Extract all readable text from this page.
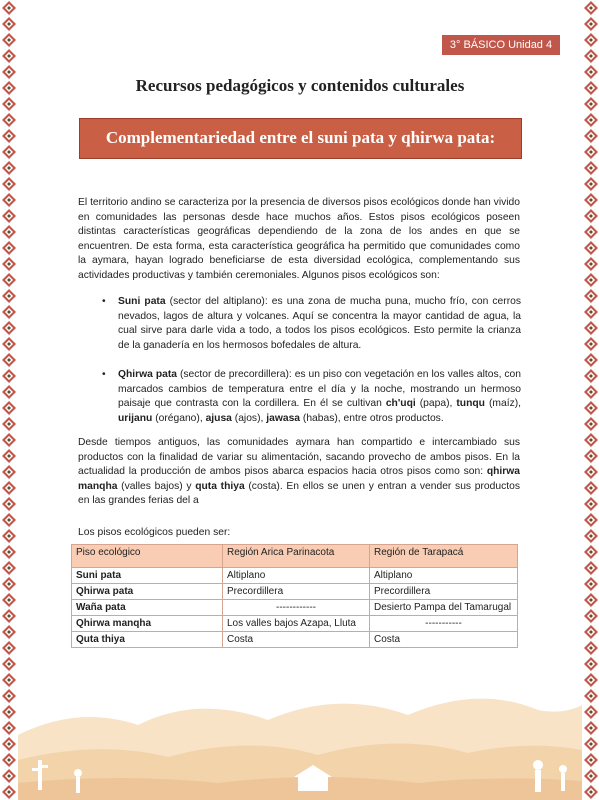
3° BÁSICO Unidad 4
Recursos pedagógicos y contenidos culturales
Complementariedad entre el suni pata y qhirwa pata:
El territorio andino se caracteriza por la presencia de diversos pisos ecológicos donde han vivido en comunidades las personas desde hace muchos años. Estos pisos ecológicos poseen distintas características geográficas dependiendo de la zona de los andes en que se encuentren. De esta forma, esta característica geográfica ha permitido que comunidades como la aymara, hayan logrado beneficiarse de esta diversidad ecológica, complementando sus actividades productivas y también ceremoniales. Algunos pisos ecológicos son:
• Suni pata (sector del altiplano): es una zona de mucha puna, mucho frío, con cerros nevados, lagos de altura y volcanes. Aquí se concentra la mayor cantidad de agua, la cual sirve para darle vida a todo, a todos los pisos ecológicos. Esto permite la crianza de la ganadería en los hermosos bofedales de altura.
• Qhirwa pata (sector de precordillera): es un piso con vegetación en los valles altos, con marcados cambios de temperatura entre el día y la noche, mostrando un hermoso paisaje que contrasta con la cordillera. En él se cultivan ch'uqi (papa), tunqu (maíz), urijanu (orégano), ajusa (ajos), jawasa (habas), entre otros productos.
Desde tiempos antiguos, las comunidades aymara han compartido e intercambiado sus productos con la finalidad de variar su alimentación, sacando provecho de ambos pisos. En la actualidad la producción de ambos pisos abarca espacios hacia otros pisos como son: qhirwa manqha (valles bajos) y quta thiya (costa). En ellos se unen y entran a vender sus productos en las grandes ferias del a
Los pisos ecológicos pueden ser:
Piso ecológico	Región Arica Parinacota	Región de Tarapacá
Suni pata	Altiplano	Altiplano
Qhirwa pata	Precordillera	Precordillera
Waña pata	------------	Desierto Pampa del Tamarugal
Qhirwa manqha	Los valles bajos Azapa, Lluta	-----------
Quta thiya	Costa	Costa
